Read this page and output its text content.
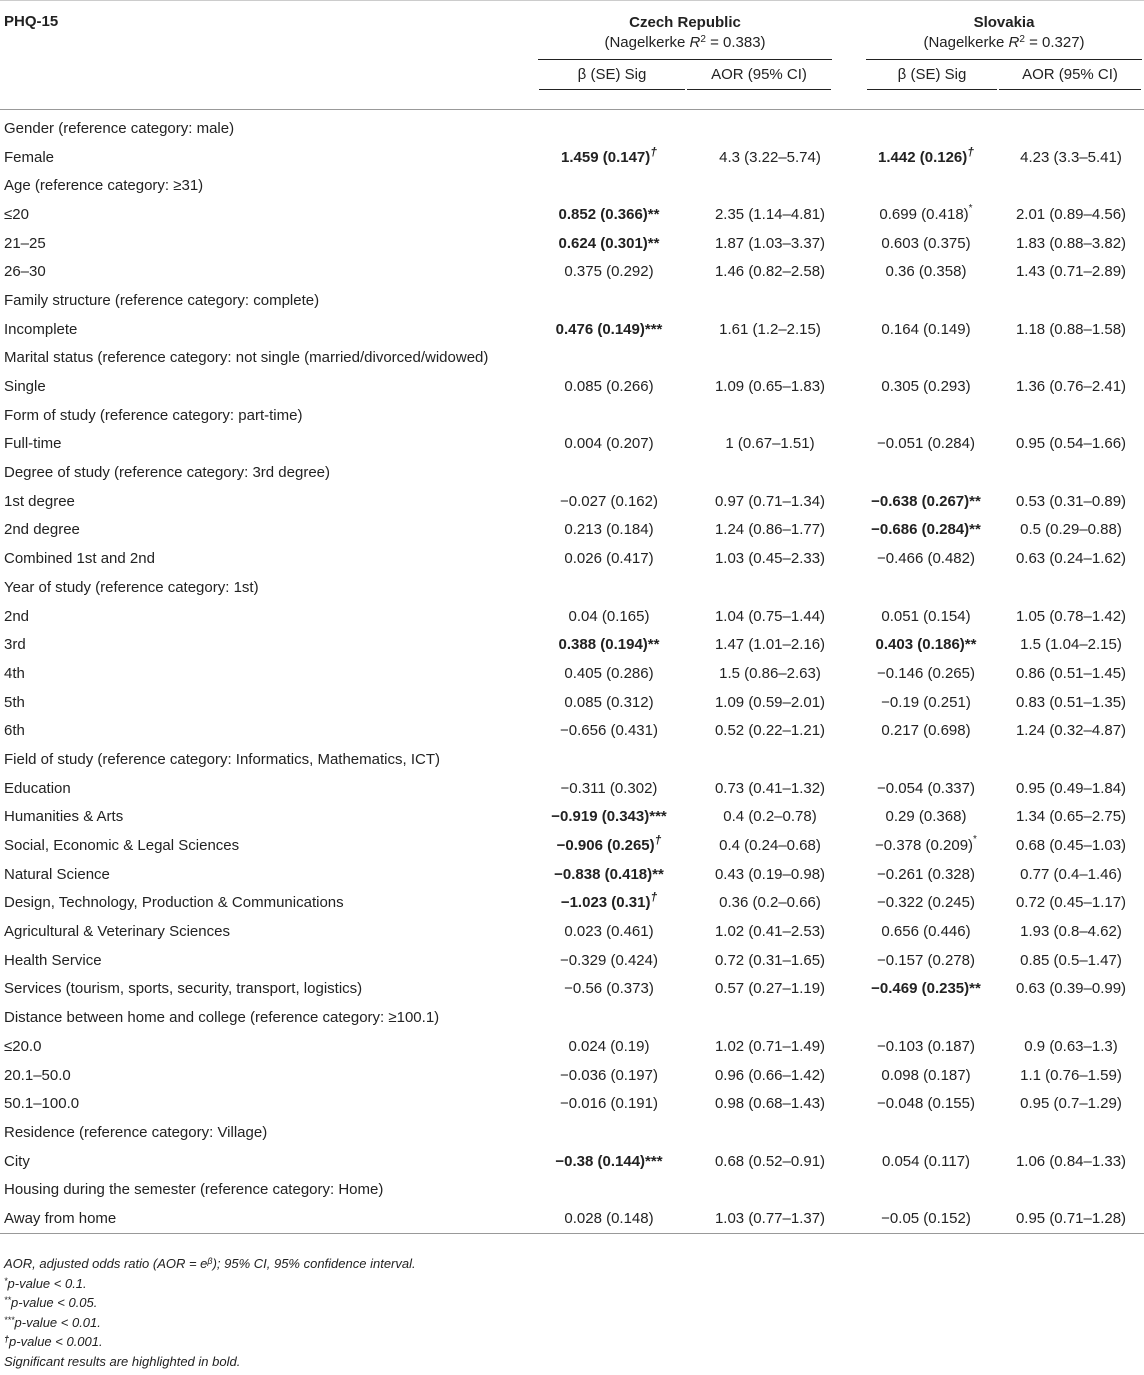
PHQ-15	Czech Republic
(Nagelkerke $R^2 = 0.383$)		Slovakia
(Nagelkerke $R^2 = 0.327$)	

	β (SE) Sig	AOR (95% CI)	β (SE) Sig	AOR (95% CI)

Gender (reference category: male)				
Female	1.459 (0.147)†	4.3 (3.22–5.74)	1.442 (0.126)†	4.23 (3.3–5.41)
Age (reference category: ≥31)				
≤20	0.852 (0.366)**	2.35 (1.14–4.81)	0.699 (0.418)*	2.01 (0.89–4.56)
21–25	0.624 (0.301)**	1.87 (1.03–3.37)	0.603 (0.375)	1.83 (0.88–3.82)
26–30	0.375 (0.292)	1.46 (0.82–2.58)	0.36 (0.358)	1.43 (0.71–2.89)
Family structure (reference category: complete)				
Incomplete	0.476 (0.149)***	1.61 (1.2–2.15)	0.164 (0.149)	1.18 (0.88–1.58)
Marital status (reference category: not single (married/divorced/widowed)				
Single	0.085 (0.266)	1.09 (0.65–1.83)	0.305 (0.293)	1.36 (0.76–2.41)
Form of study (reference category: part-time)				
Full-time	0.004 (0.207)	1 (0.67–1.51)	−0.051 (0.284)	0.95 (0.54–1.66)
Degree of study (reference category: 3rd degree)				
1st degree	−0.027 (0.162)	0.97 (0.71–1.34)	−0.638 (0.267)**	0.53 (0.31–0.89)
2nd degree	0.213 (0.184)	1.24 (0.86–1.77)	−0.686 (0.284)**	0.5 (0.29–0.88)
Combined 1st and 2nd	0.026 (0.417)	1.03 (0.45–2.33)	−0.466 (0.482)	0.63 (0.24–1.62)
Year of study (reference category: 1st)				
2nd	0.04 (0.165)	1.04 (0.75–1.44)	0.051 (0.154)	1.05 (0.78–1.42)
3rd	0.388 (0.194)**	1.47 (1.01–2.16)	0.403 (0.186)**	1.5 (1.04–2.15)
4th	0.405 (0.286)	1.5 (0.86–2.63)	−0.146 (0.265)	0.86 (0.51–1.45)
5th	0.085 (0.312)	1.09 (0.59–2.01)	−0.19 (0.251)	0.83 (0.51–1.35)
6th	−0.656 (0.431)	0.52 (0.22–1.21)	0.217 (0.698)	1.24 (0.32–4.87)
Field of study (reference category: Informatics, Mathematics, ICT)				
Education	−0.311 (0.302)	0.73 (0.41–1.32)	−0.054 (0.337)	0.95 (0.49–1.84)
Humanities & Arts	−0.919 (0.343)***	0.4 (0.2–0.78)	0.29 (0.368)	1.34 (0.65–2.75)
Social, Economic & Legal Sciences	−0.906 (0.265)†	0.4 (0.24–0.68)	−0.378 (0.209)*	0.68 (0.45–1.03)
Natural Science	−0.838 (0.418)**	0.43 (0.19–0.98)	−0.261 (0.328)	0.77 (0.4–1.46)
Design, Technology, Production & Communications	−1.023 (0.31)†	0.36 (0.2–0.66)	−0.322 (0.245)	0.72 (0.45–1.17)
Agricultural & Veterinary Sciences	0.023 (0.461)	1.02 (0.41–2.53)	0.656 (0.446)	1.93 (0.8–4.62)
Health Service	−0.329 (0.424)	0.72 (0.31–1.65)	−0.157 (0.278)	0.85 (0.5–1.47)
Services (tourism, sports, security, transport, logistics)	−0.56 (0.373)	0.57 (0.27–1.19)	−0.469 (0.235)**	0.63 (0.39–0.99)
Distance between home and college (reference category: ≥100.1)				
≤20.0	0.024 (0.19)	1.02 (0.71–1.49)	−0.103 (0.187)	0.9 (0.63–1.3)
20.1–50.0	−0.036 (0.197)	0.96 (0.66–1.42)	0.098 (0.187)	1.1 (0.76–1.59)
50.1–100.0	−0.016 (0.191)	0.98 (0.68–1.43)	−0.048 (0.155)	0.95 (0.7–1.29)
Residence (reference category: Village)				
City	−0.38 (0.144)***	0.68 (0.52–0.91)	0.054 (0.117)	1.06 (0.84–1.33)
Housing during the semester (reference category: Home)				
Away from home	0.028 (0.148)	1.03 (0.77–1.37)	−0.05 (0.152)	0.95 (0.71–1.28)
AOR, adjusted odds ratio $(AOR = e^\beta)$; 95% CI, 95% confidence interval.
*p-value < 0.1.
**p-value < 0.05.
***p-value < 0.01.
†p-value < 0.001.
Significant results are highlighted in bold.
